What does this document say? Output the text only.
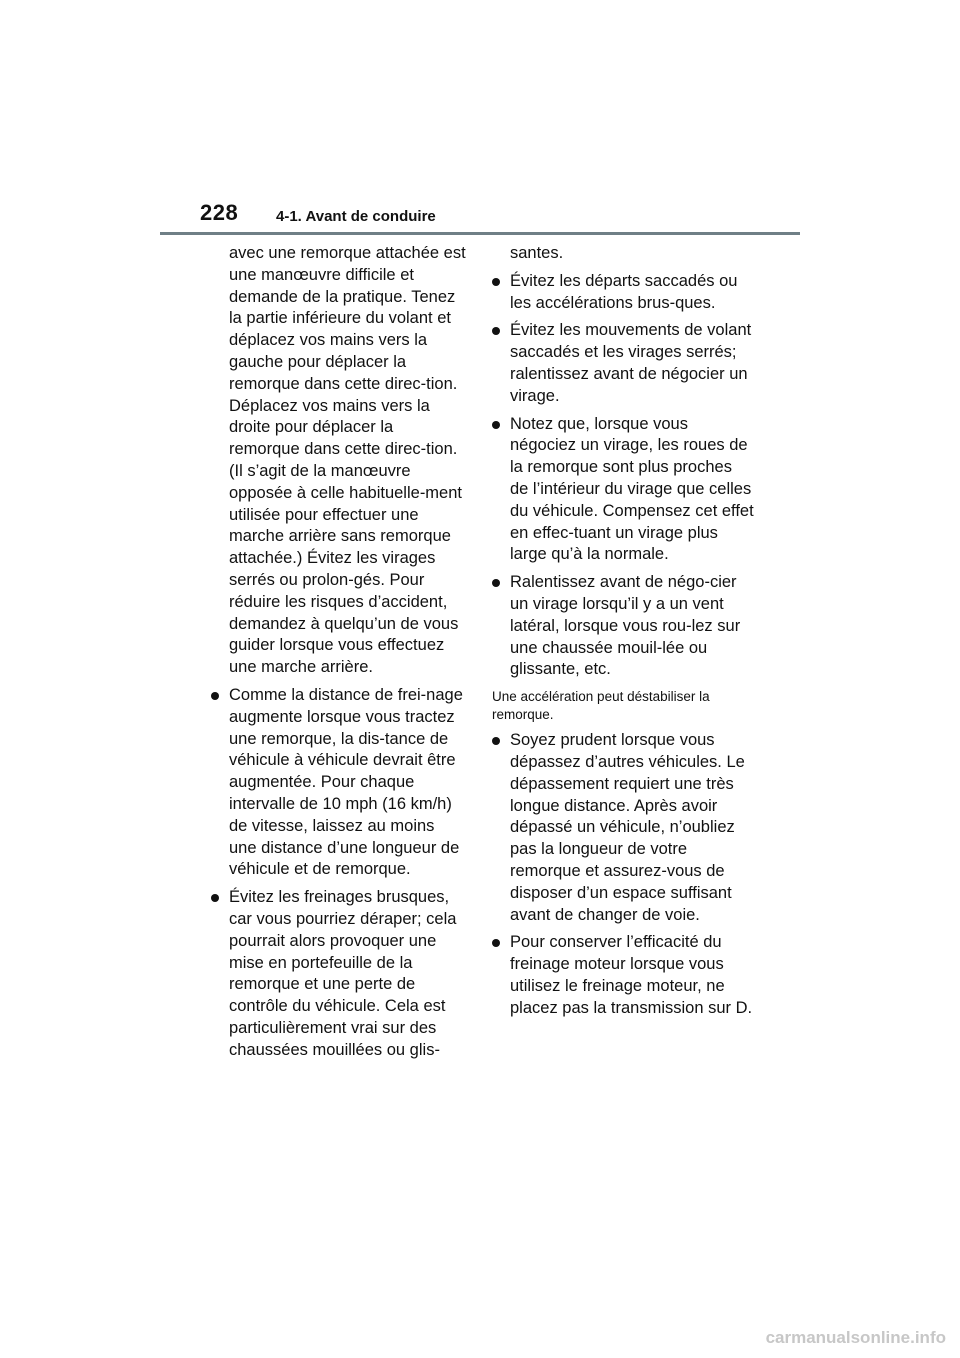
228	4-1. Avant de conduire

avec une remorque attachée est une manœuvre difficile et demande de la pratique. Tenez la partie inférieure du volant et déplacez vos mains vers la gauche pour déplacer la remorque dans cette direc-tion. Déplacez vos mains vers la droite pour déplacer la remorque dans cette direc-tion. (Il s’agit de la manœuvre opposée à celle habituelle-ment utilisée pour effectuer une marche arrière sans remorque attachée.) Évitez les virages serrés ou prolon-gés. Pour réduire les risques d’accident, demandez à quelqu’un de vous guider lorsque vous effectuez une marche arrière.

Comme la distance de frei-nage augmente lorsque vous tractez une remorque, la dis-tance de véhicule à véhicule devrait être augmentée. Pour chaque intervalle de 10 mph (16 km/h) de vitesse, laissez au moins une distance d’une longueur de véhicule et de remorque.

Évitez les freinages brusques, car vous pourriez déraper; cela pourrait alors provoquer une mise en portefeuille de la remorque et une perte de contrôle du véhicule. Cela est particulièrement vrai sur des chaussées mouillées ou glis-

santes.

Évitez les départs saccadés ou les accélérations brus-ques.

Évitez les mouvements de volant saccadés et les virages serrés; ralentissez avant de négocier un virage.

Notez que, lorsque vous négociez un virage, les roues de la remorque sont plus proches de l’intérieur du virage que celles du véhicule. Compensez cet effet en effec-tuant un virage plus large qu’à la normale.

Ralentissez avant de négo-cier un virage lorsqu’il y a un vent latéral, lorsque vous rou-lez sur une chaussée mouil-lée ou glissante, etc.

Une accélération peut déstabiliser la remorque.

Soyez prudent lorsque vous dépassez d’autres véhicules. Le dépassement requiert une très longue distance. Après avoir dépassé un véhicule, n’oubliez pas la longueur de votre remorque et assurez-vous de disposer d’un espace suffisant avant de changer de voie.

Pour conserver l’efficacité du freinage moteur lorsque vous utilisez le freinage moteur, ne placez pas la transmission sur D.

carmanualsonline.info
